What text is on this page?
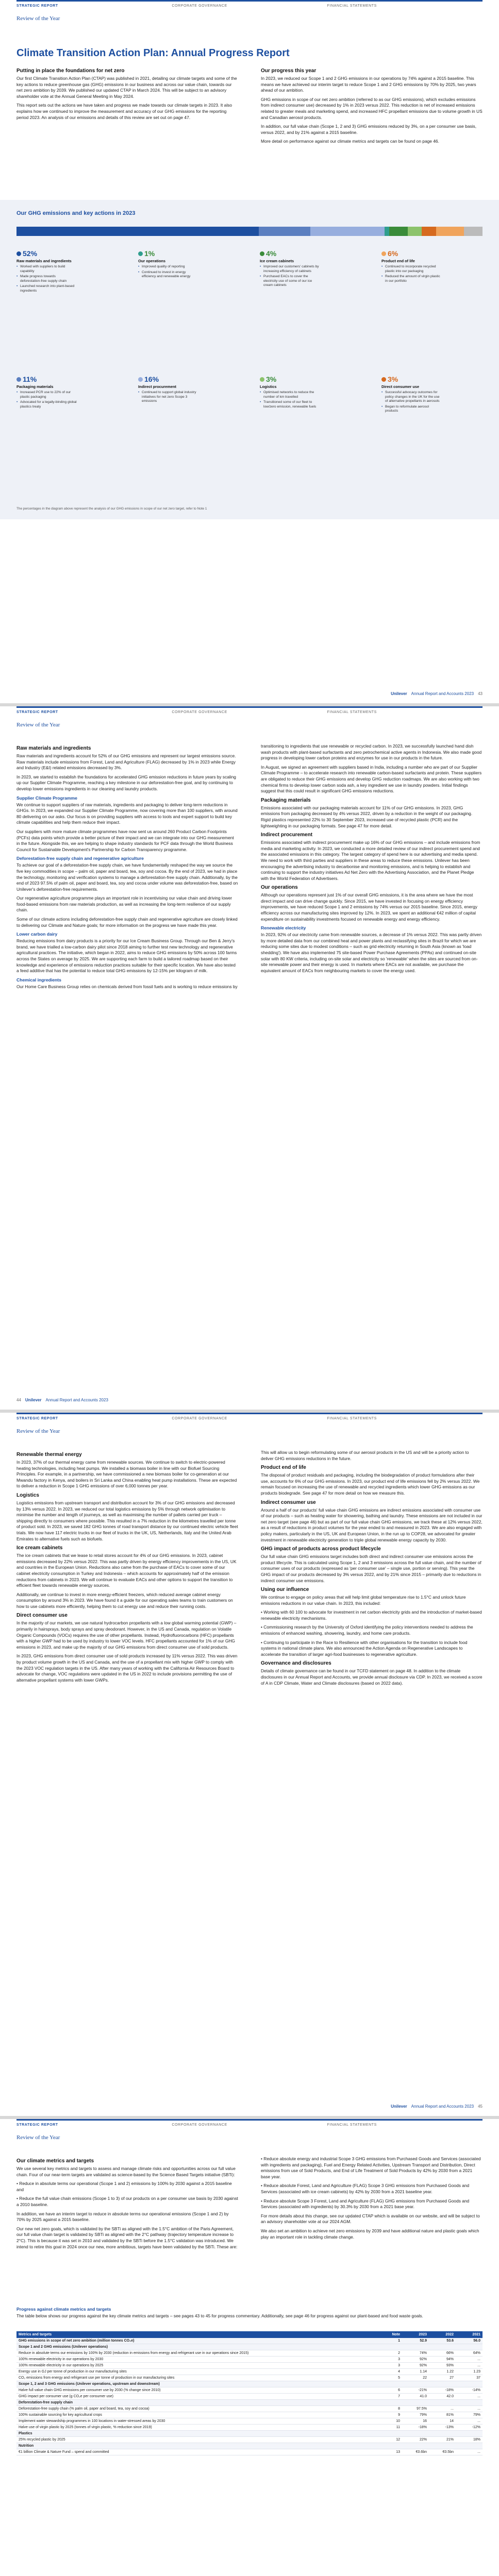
STRATEGIC REPORT	CORPORATE GOVERNANCE	FINANCIAL STATEMENTS
Review of the Year
Climate Transition Action Plan: Annual Progress Report
Putting in place the foundations for net zero

Our first Climate Transition Action Plan (CTAP) was published in 2021, detailing our climate targets and some of the key actions to reduce greenhouse gas (GHG) emissions in our business and across our value chain, towards our net zero ambition by 2039. We published our updated CTAP in March 2024. This will be subject to an advisory shareholder vote at the Annual General Meeting in May 2024.

This report sets out the actions we have taken and progress we made towards our climate targets in 2023. It also explains how we continued to improve the measurement and accuracy of our GHG emissions for the reporting period 2023. An analysis of our emissions and details of this review are set out on page 47.

Our progress this year

In 2023, we reduced our Scope 1 and 2 GHG emissions in our operations by 74% against a 2015 baseline. This means we have achieved our interim target to reduce Scope 1 and 2 GHG emissions by 70% by 2025, two years ahead of our ambition.

GHG emissions in scope of our net zero ambition (referred to as our GHG emissions), which excludes emissions from indirect consumer use) decreased by 1% in 2023 versus 2022. This reduction is net of increased emissions related to greater meals and marketing spend, and increased HFC propellant emissions due to volume growth in US and Canadian aerosol products.

In addition, our full value chain (Scope 1, 2 and 3) GHG emissions reduced by 3%, on a per consumer use basis, versus 2022, and by 21% against a 2015 baseline.

More detail on performance against our climate metrics and targets can be found on page 46.

Our GHG emissions and key actions in 2023
52%
Raw materials and ingredients
• Worked with suppliers to build capability
• Made progress towards deforestation-free supply chain
• Launched research into plant-based ingredients
1%
Our operations
• Improved quality of reporting
• Continued to invest in energy efficiency and renewable energy
4%
Ice cream cabinets
• Improved our customers' cabinets by increasing efficiency of cabinets
• Purchased EACs to cover the electricity use of some of our ice cream cabinets
6%
Product end of life
• Continued to incorporate recycled plastic into our packaging
• Reduced the amount of virgin plastic in our portfolio
11%
Packaging materials
• Increased PCR use to 22% of our plastic packaging
• Advocated for a legally-binding global plastics treaty
16%
Indirect procurement
• Continued to support global industry initiatives for net zero Scope 3 emissions
3%
Logistics
• Optimised networks to reduce the number of km travelled
• Transitioned some of our fleet to low/zero emission, renewable fuels
3%
Direct consumer use
• Successful advocacy outcomes for policy changes in the UK for the use of alternative propellants in aerosols
• Began to reformulate aerosol products
The percentages in the diagram above represent the analysis of our GHG emissions in scope of our net zero target, refer to Note 1
Unilever Annual Report and Accounts 2023 43
STRATEGIC REPORT	CORPORATE GOVERNANCE	FINANCIAL STATEMENTS
Review of the Year
Raw materials and ingredients

Raw materials and ingredients account for 52% of our GHG emissions and represent our largest emissions source. Raw materials include emissions from Forest, Land and Agriculture (FLAG) decreased by 1% in 2023 while Energy and Industry (E&I) related emissions decreased by 3%.

In 2023, we started to establish the foundations for accelerated GHG emission reductions in future years by scaling up our Supplier Climate Programme, reaching a key milestone in our deforestation-free goal, and by continuing to develop lower emissions ingredients in our cleaning and laundry products.

Supplier Climate Programme

We continue to support suppliers of raw materials, ingredients and packaging to deliver long-term reductions in GHGs. In 2023, we expanded our Supplier Climate Programme, now covering more than 100 suppliers, with around 80 delivering on our asks. Our focus is on providing suppliers with access to tools and expert support to build key climate capabilities and help them reduce their impact.

Our suppliers with more mature climate programmes have now sent us around 260 Product Carbon Footprints (PCFs) data points which provide a better picture of their impact and we can integrate into our GHG measurement in the future. Alongside this, we are helping to shape industry standards for PCF data through the World Business Council for Sustainable Development's Partnership for Carbon Transparency programme.

Deforestation-free supply chain and regenerative agriculture

To achieve our goal of a deforestation-free supply chain, we have fundamentally reshaped the way we source the five key commodities in scope – palm oil, paper and board, tea, soy and cocoa. By the end of 2023, we had in place the technology, monitoring and verification systems to manage a deforestation-free supply chain. Additionally, by the end of 2023 97.5% of palm oil, paper and board, tea, soy and cocoa under volume was deforestation-free, based on Unilever's deforestation-free requirements.

Our regenerative agriculture programme plays an important role in incentivising our value chain and driving lower food-based emissions from raw materials production, as well as increasing the long-term resilience of our supply chain.

Some of our climate actions including deforestation-free supply chain and regenerative agriculture are closely linked to delivering our Climate and Nature goals; for more information on the progress we have made this year.

Lower carbon dairy

Reducing emissions from dairy products is a priority for our Ice Cream Business Group. Through our Ben & Jerry's brand, we have trialled a low-carbon dairy pilot since 2018 aiming to further test new technology and regenerative agricultural practices. The initiative, which began in 2022, aims to reduce GHG emissions by 50% across 100 farms across the States on average by 2025. We are supporting each farm to build a tailored roadmap based on their knowledge and experience of emissions reduction practices suitable for their specific location. We have also tested a feed additive that has the potential to reduce total GHG emissions by 12-15% per kilogram of milk.

Chemical ingredients

Our Home Care Business Group relies on chemicals derived from fossil fuels and is working to reduce emissions by

transitioning to ingredients that use renewable or recycled carbon. In 2023, we successfully launched hand dish wash products with plant-based surfactants and zero petrochemical active agents in Indonesia. We also made good progress in developing lower carbon proteins and enzymes for use in our products in the future.

In August, we signed an agreement with suppliers based in India, including a number who are part of our Supplier Climate Programme – to accelerate research into renewable carbon-based surfactants and protein. These suppliers are obligated to reduce their GHG emissions and develop GHG reduction roadmaps. We are also working with two chemical firms to develop lower carbon soda ash, a key ingredient we use in laundry powders. Initial findings suggest that this could result in significant GHG emissions reductions.

Packaging materials

Emissions associated with our packaging materials account for 11% of our GHG emissions. In 2023, GHG emissions from packaging decreased by 4% versus 2022, driven by a reduction in the weight of our packaging. Rigid plastics represented 22% to 30 September 2023, increased use of recycled plastic (PCR) and the lightweighting in our packaging formats. See page 47 for more detail.

Indirect procurement

Emissions associated with indirect procurement make up 16% of our GHG emissions – and include emissions from media and marketing activity. In 2023, we conducted a more detailed review of our indirect procurement spend and the associated emissions in this category. The largest category of spend here is our advertising and media spend. We need to work with third parties and suppliers in these areas to reduce these emissions. Unilever has been encouraging the advertising industry to decarbonise and monitoring emissions, and is helping to establish and continuing to support the industry initiatives Ad Net Zero with the Advertising Association, and the Planet Pledge with the World Federation of Advertisers.

Our operations

Although our operations represent just 1% of our overall GHG emissions, it is the area where we have the most direct impact and can drive change quickly. Since 2015, we have invested in focusing on energy efficiency improvements, we have reduced Scope 1 and 2 emissions by 74% versus our 2015 baseline. Since 2015, energy efficiency across our manufacturing sites improved by 12%. In 2023, we spent an additional €42 million of capital expenditure on sustainability investments focused on renewable energy and energy efficiency.

Renewable electricity

In 2023, 92% of our electricity came from renewable sources, a decrease of 1% versus 2022. This was partly driven by more detailed data from our combined heat and power plants and reclassifying sites in Brazil for which we are reducing some sites due to modest conditions – such as grid electricity returning in South Asia (known as 'load shedding'). We have also implemented 75 site-based Power Purchase Agreements (PPAs) and continued on-site solar with 80 KW criteria, including on-site solar and electricity so 'renewable' when the sites are sourced from on-site renewable power and their energy is used. In markets where EACs are not available, we purchase the equivalent amount of EACs from neighbouring markets to cover the energy used.

44 Unilever Annual Report and Accounts 2023
STRATEGIC REPORT	CORPORATE GOVERNANCE	FINANCIAL STATEMENTS
Review of the Year
Renewable thermal energy

In 2023, 37% of our thermal energy came from renewable sources. We continue to switch to electric-powered heating technologies, including heat pumps. We installed a biomass boiler in line with our Biofuel Sourcing Principles. For example, in a partnership, we have commissioned a new biomass boiler for co-generation at our Mwandu factory in Kenya, and boilers in Sri Lanka and China enabling heat pump installations. These are expected to deliver a reduction in Scope 1 GHG emissions of over 6,000 tonnes per year.

Logistics

Logistics emissions from upstream transport and distribution account for 3% of our GHG emissions and decreased by 13% versus 2022. In 2023, we reduced our total logistics emissions by 5% through network optimisation to minimise the number and length of journeys, as well as maximising the number of pallets carried per truck – shipping directly to consumers where possible. This resulted in a 7% reduction in the kilometres travelled per tonne of product sold. In 2023, we saved 182 GHG tonnes of road transport distance by our continued electric vehicle fleet trials. We now have 117 electric trucks in our fleet of trucks in the UK, US, Netherlands, Italy and the United Arab Emirates to alternative fuels such as biofuels.

Ice cream cabinets

The ice cream cabinets that we lease to retail stores account for 4% of our GHG emissions. In 2023, cabinet emissions decreased by 22% versus 2022. This was partly driven by energy efficiency improvements in the US, UK and countries in the European Union. Reductions also came from the purchase of EACs to cover some of our cabinet electricity consumption in Turkey and Indonesia – which accounts for approximately half of the emission reductions from cabinets in 2023. We will continue to evaluate EACs and other options to support the transition to efficient fleet towards renewable energy sources.

Additionally, we continue to invest in more energy-efficient freezers, which reduced average cabinet energy consumption by around 3% in 2023. We have found it a guide for our operating sales teams to train customers on how to use cabinets more efficiently, helping them to cut energy use and reduce their running costs.

Direct consumer use

In the majority of our markets, we use natural hydrocarbon propellants with a low global warming potential (GWP) – primarily in hairsprays, body sprays and spray deodorant. However, in the US and Canada, regulation on Volatile Organic Compounds (VOCs) requires the use of other propellants. Instead, Hydrofluorocarbons (HFC) propellants with a higher GWP had to be used by industry to lower VOC levels. HFC propellants accounted for 1% of our GHG emissions in 2023, and make up the majority of our GHG emissions from direct consumer use of sold products.

In 2023, GHG emissions from direct consumer use of sold products increased by 11% versus 2022. This was driven by product volume growth in the US and Canada, and the use of a propellant mix with higher GWP to comply with the 2023 VOC regulation targets in the US. After many years of working with the California Air Resources Board to advocate for change, VOC regulations were updated in the US in 2022 to include provisions permitting the use of alternative propellant systems with lower GWPs.

This will allow us to begin reformulating some of our aerosol products in the US and will be a priority action to deliver GHG emissions reductions in the future.

Product end of life

The disposal of product residuals and packaging, including the biodegradation of product formulations after their use, accounts for 6% of our GHG emissions. In 2023, our product end of life emissions fell by 2% versus 2022. We remain focused on increasing the use of renewable and recycled ingredients which lower GHG emissions as our products biodegrade. See page 47 for more detail on how we measure this.

Indirect consumer use

Around a half of our products' full value chain GHG emissions are indirect emissions associated with consumer use of our products – such as heating water for showering, bathing and laundry. These emissions are not included in our net zero target (see page 46) but as part of our full value chain GHG emissions, we track these at 12% versus 2022, as a result of reductions in product volumes for the year ended to and measured in 2023. We are also engaged with policy makers, particularly in the US, UK and European Union, in the run up to COP28, we advocated for greater investment in renewable electricity generation to triple global renewable energy capacity by 2030.

GHG impact of products across product lifecycle

Our full value chain GHG emissions target includes both direct and indirect consumer use emissions across the product lifecycle. This is calculated using Scope 1, 2 and 3 emissions across the full value chain, and the number of consumer uses of our products (expressed as 'per consumer use' – single use, portion or serving). This year the GHG impact of our products decreased by 3% versus 2022, and by 21% since 2015 – primarily due to reductions in indirect consumer use emissions.

Using our influence

We continue to engage on policy areas that will help limit global temperature rise to 1.5°C and unlock future emissions reductions in our value chain. In 2023, this included:

• Working with 60 100 to advocate for investment in net carbon electricity grids and the introduction of market-based renewable electricity mechanisms.

• Commissioning research by the University of Oxford identifying the policy interventions needed to address the emissions of enhanced washing, showering, laundry, and home care products.

• Continuing to participate in the Race to Resilience with other organisations for the transition to include food systems in national climate plans. We also announced the Action Agenda on Regenerative Landscapes to accelerate the transition of larger agri-food businesses to regenerative agriculture.

Governance and disclosures

Details of climate governance can be found in our TCFD statement on page 48. In addition to the climate disclosures in our Annual Report and Accounts, we provide annual disclosure via CDP. In 2023, we received a score of A in CDP Climate, Water and Climate disclosures (based on 2022 data).

Unilever Annual Report and Accounts 2023 45
STRATEGIC REPORT	CORPORATE GOVERNANCE	FINANCIAL STATEMENTS
Review of the Year
Our climate metrics and targets

We use several key metrics and targets to assess and manage climate risks and opportunities across our full value chain. Four of our near-term targets are validated as science-based by the Science Based Targets initiative (SBTi):

• Reduce in absolute terms our operational (Scope 1 and 2) emissions by 100% by 2030 against a 2015 baseline and

• Reduce the full value chain emissions (Scope 1 to 3) of our products on a per consumer use basis by 2030 against a 2010 baseline.

In addition, we have an interim target to reduce in absolute terms our operational emissions (Scope 1 and 2) by 70% by 2025 against a 2015 baseline.

Our new net zero goals, which is validated by the SBTi as aligned with the 1.5°C ambition of the Paris Agreement, our full value chain target is validated by SBTi as aligned with the 2°C pathway (trajectory temperature increase to 2°C). This is because it was set in 2010 and validated by the SBTi before the 1.5°C validation was introduced. We intend to retire this goal in 2024 once our new, more ambitious, targets have been validated by the SBTi. These are:

• Reduce absolute energy and industrial Scope 3 GHG emissions from Purchased Goods and Services (associated with ingredients and packaging), Fuel and Energy Related Activities, Upstream Transport and Distribution, Direct emissions from use of Sold Products, and End of Life Treatment of Sold Products by 42% by 2030 from a 2021 base year.

• Reduce absolute Forest, Land and Agriculture (FLAG) Scope 3 GHG emissions from Purchased Goods and Services (associated with ice cream cabinets) by 42% by 2030 from a 2021 baseline year.

• Reduce absolute Scope 3 Forest, Land and Agriculture (FLAG) GHG emissions from Purchased Goods and Services (associated with ingredients) by 30.3% by 2030 from a 2021 base year.

For more details about this change, see our updated CTAP which is available on our website, and will be subject to an advisory shareholder vote at our 2024 AGM.

We also set an ambition to achieve net zero emissions by 2039 and have additional nature and plastic goals which play an important role in tackling climate change.

Progress against climate metrics and targets

The table below shows our progress against the key climate metrics and targets – see pages 43 to 45 for progress commentary. Additionally, see page 46 for progress against our plant-based and food waste goals.

Metrics and targets	Note	2023	2022	2021
GHG emissions in scope of net zero ambition (million tonnes CO₂e)	1	52.9	53.6	56.0
Scope 1 and 2 GHG emissions (Unilever operations)				
Reduce in absolute terms our emissions by 100% by 2030 (reduction in emissions from energy and refrigerant use in our operations since 2015)	2	74%	66%	64%
100% renewable electricity in our operations by 2030	3	92%	94%	...
100% renewable electricity in our operations by 2025	3	92%	93%	...
Energy use in GJ per tonne of production in our manufacturing sites	4	1.14	1.22	1.23
CO₂ emissions from energy and refrigerant use per tonne of production in our manufacturing sites	5	22	27	37
Scope 1, 2 and 3 GHG emissions (Unilever operations, upstream and downstream)				
Halve full value chain GHG emissions per consumer use by 2030 (% change since 2010)	6	-21%	-18%	-14%
GHG impact per consumer use (g CO₂e per consumer use)	7	41.0	42.0	...
Deforestation-free supply chain				
Deforestation-free supply chain (% palm oil, paper and board, tea, soy and cocoa)	8	97.5%	...	...
100% sustainable sourcing for key agricultural crops	9	79%	81%	79%
Implement water stewardship programmes in 100 locations in water-stressed areas by 2030	10	16	14	...
Halve use of virgin plastic by 2025 (tonnes of virgin plastic, % reduction since 2019)	11	-18%	-13%	-12%
Plastics				
25% recycled plastic by 2025	12	22%	21%	18%
Nutrition				
€1 billion Climate & Nature Fund – spend and committed	13	€0.6bn	€0.5bn	...
